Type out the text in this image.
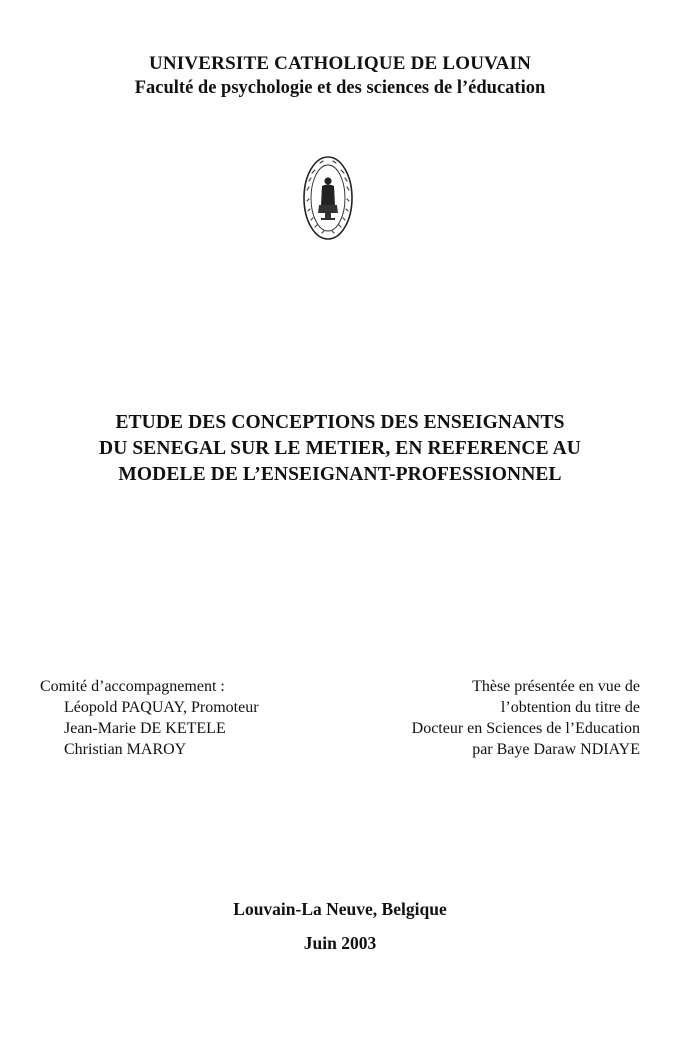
UNIVERSITE CATHOLIQUE DE LOUVAIN
Faculté de psychologie et des sciences de l’éducation
ETUDE DES CONCEPTIONS DES ENSEIGNANTS
DU SENEGAL SUR LE METIER, EN REFERENCE AU
MODELE DE L’ENSEIGNANT-PROFESSIONNEL
Comité d’accompagnement :
Léopold PAQUAY, Promoteur
Jean-Marie DE KETELE
Christian MAROY
Thèse présentée en vue de
l’obtention du titre de
Docteur en Sciences de l’Education
par Baye Daraw NDIAYE
Louvain-La Neuve, Belgique
Juin 2003
